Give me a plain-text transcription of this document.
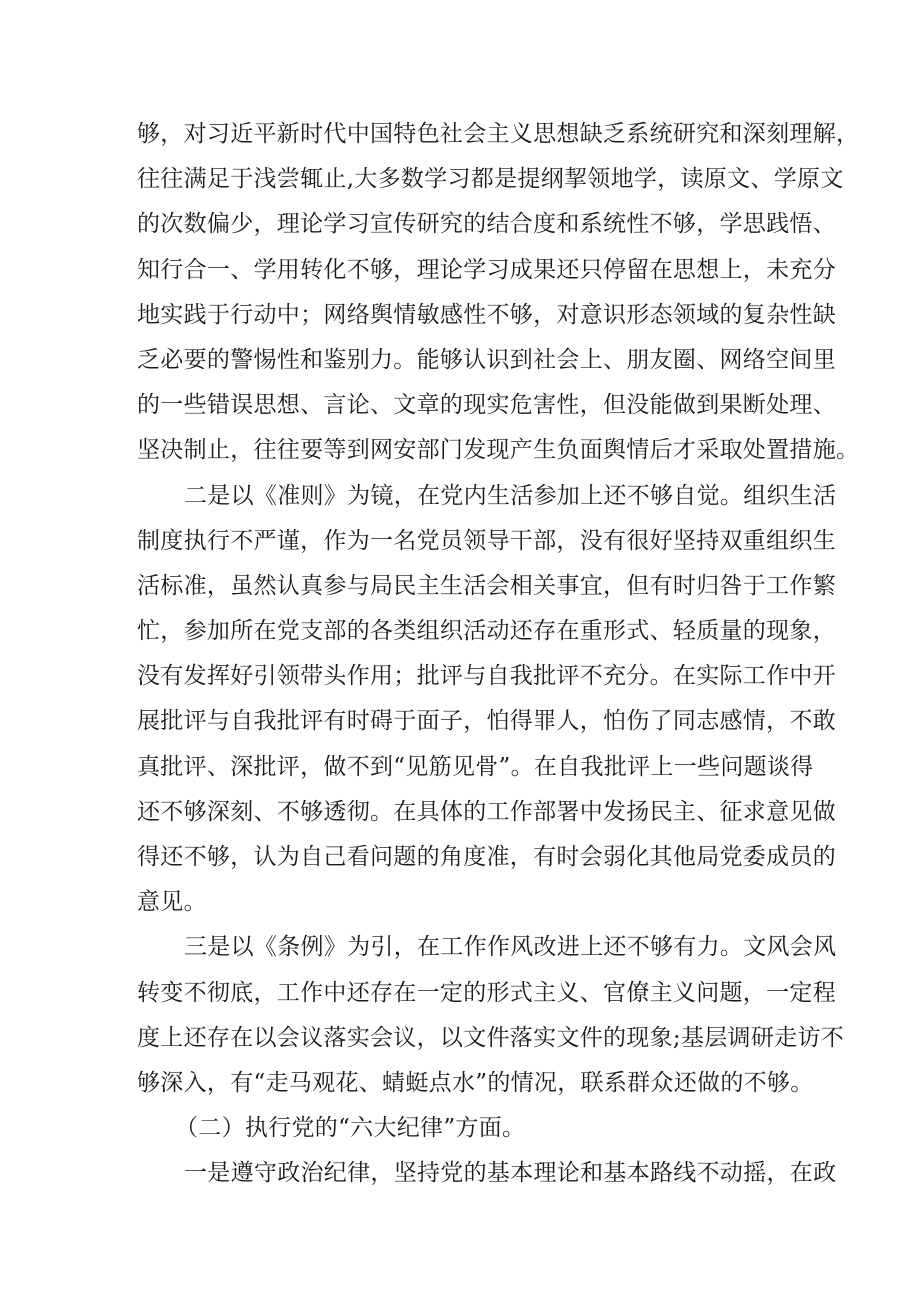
够，对习近平新时代中国特色社会主义思想缺乏系统研究和深刻理解，
往往满足于浅尝辄止,大多数学习都是提纲挈领地学，读原文、学原文
的次数偏少，理论学习宣传研究的结合度和系统性不够，学思践悟、
知行合一、学用转化不够，理论学习成果还只停留在思想上，未充分
地实践于行动中；网络舆情敏感性不够，对意识形态领域的复杂性缺
乏必要的警惕性和鉴别力。能够认识到社会上、朋友圈、网络空间里
的一些错误思想、言论、文章的现实危害性，但没能做到果断处理、
坚决制止，往往要等到网安部门发现产生负面舆情后才采取处置措施。
二是以《准则》为镜，在党内生活参加上还不够自觉。组织生活
制度执行不严谨，作为一名党员领导干部，没有很好坚持双重组织生
活标准，虽然认真参与局民主生活会相关事宜，但有时归咎于工作繁
忙，参加所在党支部的各类组织活动还存在重形式、轻质量的现象，
没有发挥好引领带头作用；批评与自我批评不充分。在实际工作中开
展批评与自我批评有时碍于面子，怕得罪人，怕伤了同志感情，不敢
真批评、深批评，做不到“见筋见骨”。在自我批评上一些问题谈得
还不够深刻、不够透彻。在具体的工作部署中发扬民主、征求意见做
得还不够，认为自己看问题的角度准，有时会弱化其他局党委成员的
意见。
三是以《条例》为引，在工作作风改进上还不够有力。文风会风
转变不彻底，工作中还存在一定的形式主义、官僚主义问题，一定程
度上还存在以会议落实会议，以文件落实文件的现象;基层调研走访不
够深入，有“走马观花、蜻蜓点水”的情况，联系群众还做的不够。
（二）执行党的“六大纪律”方面。
一是遵守政治纪律，坚持党的基本理论和基本路线不动摇，在政
